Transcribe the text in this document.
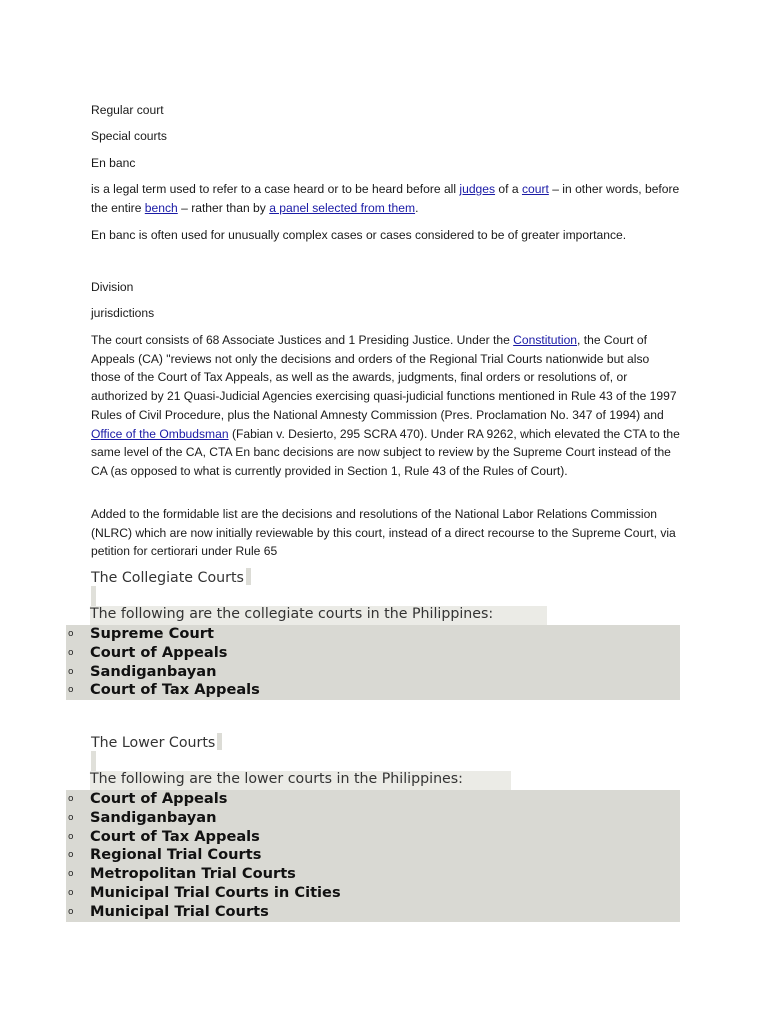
Regular court

Special courts

En banc

is a legal term used to refer to a case heard or to be heard before all judges of a court – in other words, before the entire bench – rather than by a panel selected from them.

En banc is often used for unusually complex cases or cases considered to be of greater importance.

Division

jurisdictions

The court consists of 68 Associate Justices and 1 Presiding Justice. Under the Constitution, the Court of Appeals (CA) "reviews not only the decisions and orders of the Regional Trial Courts nationwide but also those of the Court of Tax Appeals, as well as the awards, judgments, final orders or resolutions of, or authorized by 21 Quasi-Judicial Agencies exercising quasi-judicial functions mentioned in Rule 43 of the 1997 Rules of Civil Procedure, plus the National Amnesty Commission (Pres. Proclamation No. 347 of 1994) and Office of the Ombudsman (Fabian v. Desierto, 295 SCRA 470). Under RA 9262, which elevated the CTA to the same level of the CA, CTA En banc decisions are now subject to review by the Supreme Court instead of the CA (as opposed to what is currently provided in Section 1, Rule 43 of the Rules of Court).

Added to the formidable list are the decisions and resolutions of the National Labor Relations Commission (NLRC) which are now initially reviewable by this court, instead of a direct recourse to the Supreme Court, via petition for certiorari under Rule 65

The Collegiate Courts

The following are the collegiate courts in the Philippines:
o Supreme Court
o Court of Appeals
o Sandiganbayan
o Court of Tax Appeals

The Lower Courts

The following are the lower courts in the Philippines:
o Court of Appeals
o Sandiganbayan
o Court of Tax Appeals
o Regional Trial Courts
o Metropolitan Trial Courts
o Municipal Trial Courts in Cities
o Municipal Trial Courts
